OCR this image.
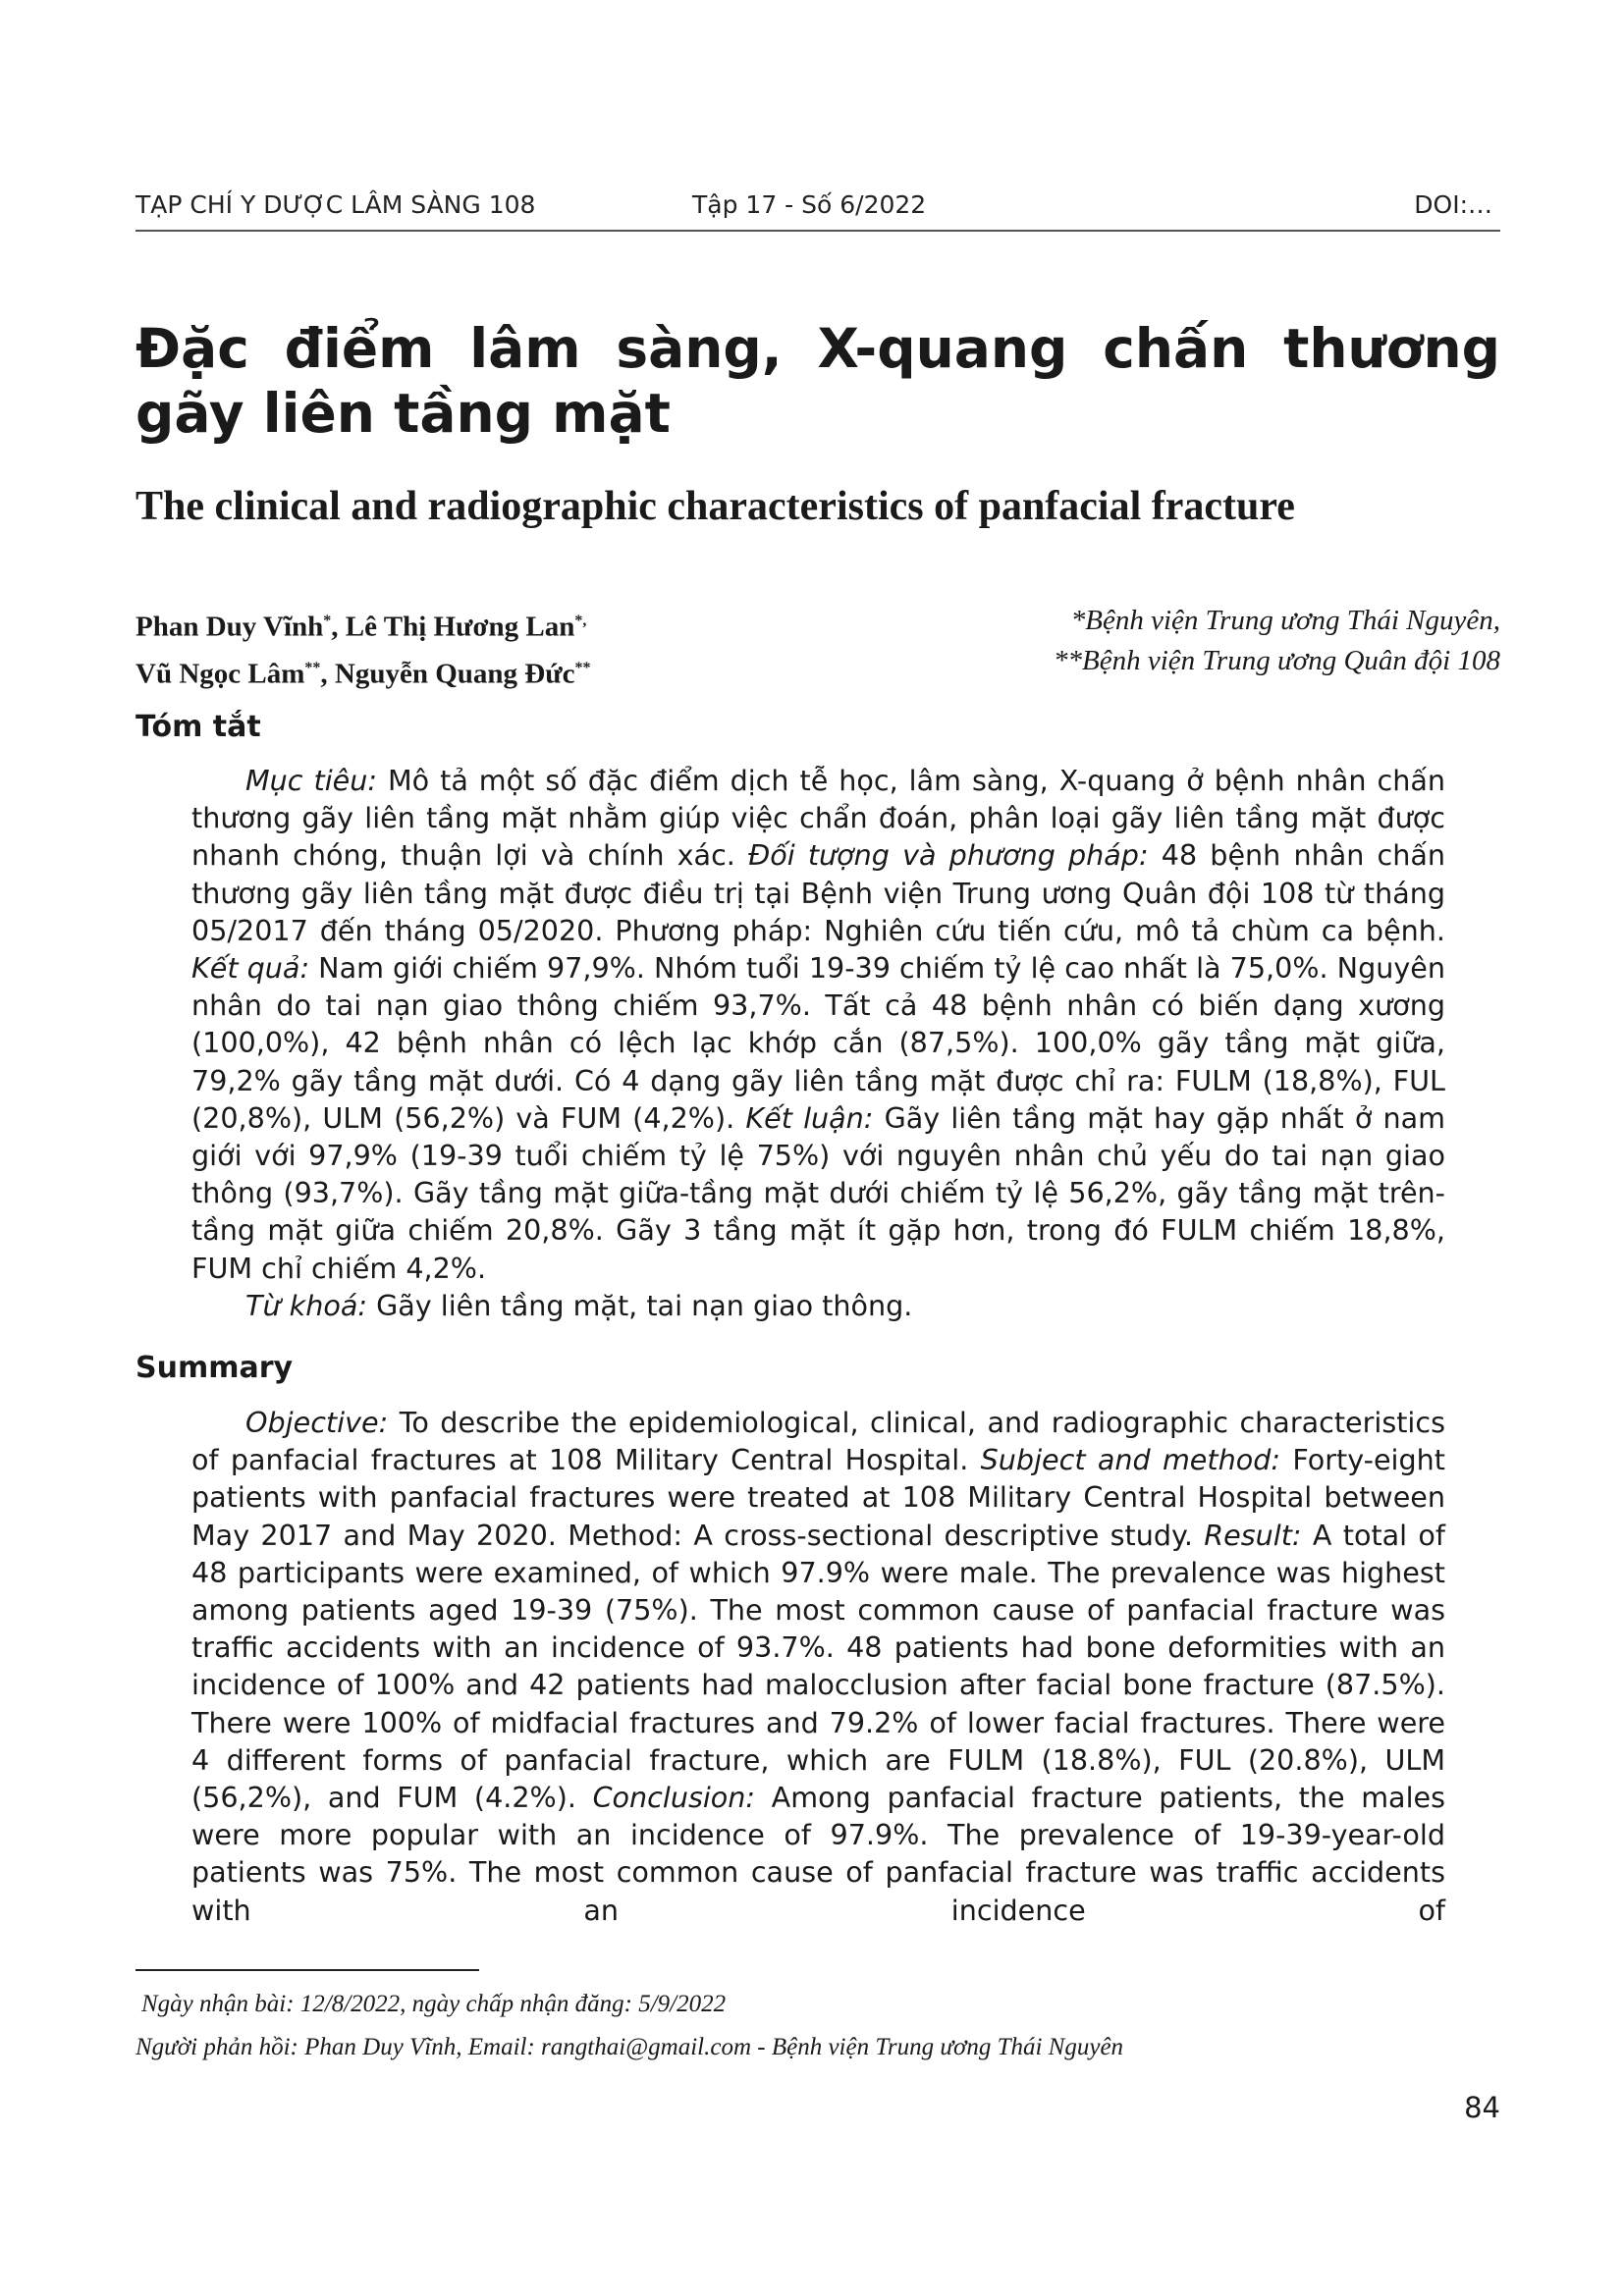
TẠP CHÍ Y DƯỢC LÂM SÀNG 108	Tập 17 - Số 6/2022	DOI:…
Đặc điểm lâm sàng, X-quang chấn thương gãy liên tầng mặt
The clinical and radiographic characteristics of panfacial fracture
Phan Duy Vĩnh*, Lê Thị Hương Lan*,
Vũ Ngọc Lâm**, Nguyễn Quang Đức**
*Bệnh viện Trung ương Thái Nguyên,
**Bệnh viện Trung ương Quân đội 108
Tóm tắt

Mục tiêu: Mô tả một số đặc điểm dịch tễ học, lâm sàng, X-quang ở bệnh nhân chấn thương gãy liên tầng mặt nhằm giúp việc chẩn đoán, phân loại gãy liên tầng mặt được nhanh chóng, thuận lợi và chính xác. Đối tượng và phương pháp: 48 bệnh nhân chấn thương gãy liên tầng mặt được điều trị tại Bệnh viện Trung ương Quân đội 108 từ tháng 05/2017 đến tháng 05/2020. Phương pháp: Nghiên cứu tiến cứu, mô tả chùm ca bệnh. Kết quả: Nam giới chiếm 97,9%. Nhóm tuổi 19-39 chiếm tỷ lệ cao nhất là 75,0%. Nguyên nhân do tai nạn giao thông chiếm 93,7%. Tất cả 48 bệnh nhân có biến dạng xương (100,0%), 42 bệnh nhân có lệch lạc khớp cắn (87,5%). 100,0% gãy tầng mặt giữa, 79,2% gãy tầng mặt dưới. Có 4 dạng gãy liên tầng mặt được chỉ ra: FULM (18,8%), FUL (20,8%), ULM (56,2%) và FUM (4,2%). Kết luận: Gãy liên tầng mặt hay gặp nhất ở nam giới với 97,9% (19-39 tuổi chiếm tỷ lệ 75%) với nguyên nhân chủ yếu do tai nạn giao thông (93,7%). Gãy tầng mặt giữa-tầng mặt dưới chiếm tỷ lệ 56,2%, gãy tầng mặt trên-tầng mặt giữa chiếm 20,8%. Gãy 3 tầng mặt ít gặp hơn, trong đó FULM chiếm 18,8%, FUM chỉ chiếm 4,2%.

Từ khoá: Gãy liên tầng mặt, tai nạn giao thông.

Summary

Objective: To describe the epidemiological, clinical, and radiographic characteristics of panfacial fractures at 108 Military Central Hospital. Subject and method: Forty-eight patients with panfacial fractures were treated at 108 Military Central Hospital between May 2017 and May 2020. Method: A cross-sectional descriptive study. Result: A total of 48 participants were examined, of which 97.9% were male. The prevalence was highest among patients aged 19-39 (75%). The most common cause of panfacial fracture was traffic accidents with an incidence of 93.7%. 48 patients had bone deformities with an incidence of 100% and 42 patients had malocclusion after facial bone fracture (87.5%). There were 100% of midfacial fractures and 79.2% of lower facial fractures. There were 4 different forms of panfacial fracture, which are FULM (18.8%), FUL (20.8%), ULM (56,2%), and FUM (4.2%). Conclusion: Among panfacial fracture patients, the males were more popular with an incidence of 97.9%. The prevalence of 19-39-year-old patients was 75%. The most common cause of panfacial fracture was traffic accidents with an incidence of

Ngày nhận bài: 12/8/2022, ngày chấp nhận đăng: 5/9/2022
Người phản hồi: Phan Duy Vĩnh, Email: rangthai@gmail.com - Bệnh viện Trung ương Thái Nguyên
84
